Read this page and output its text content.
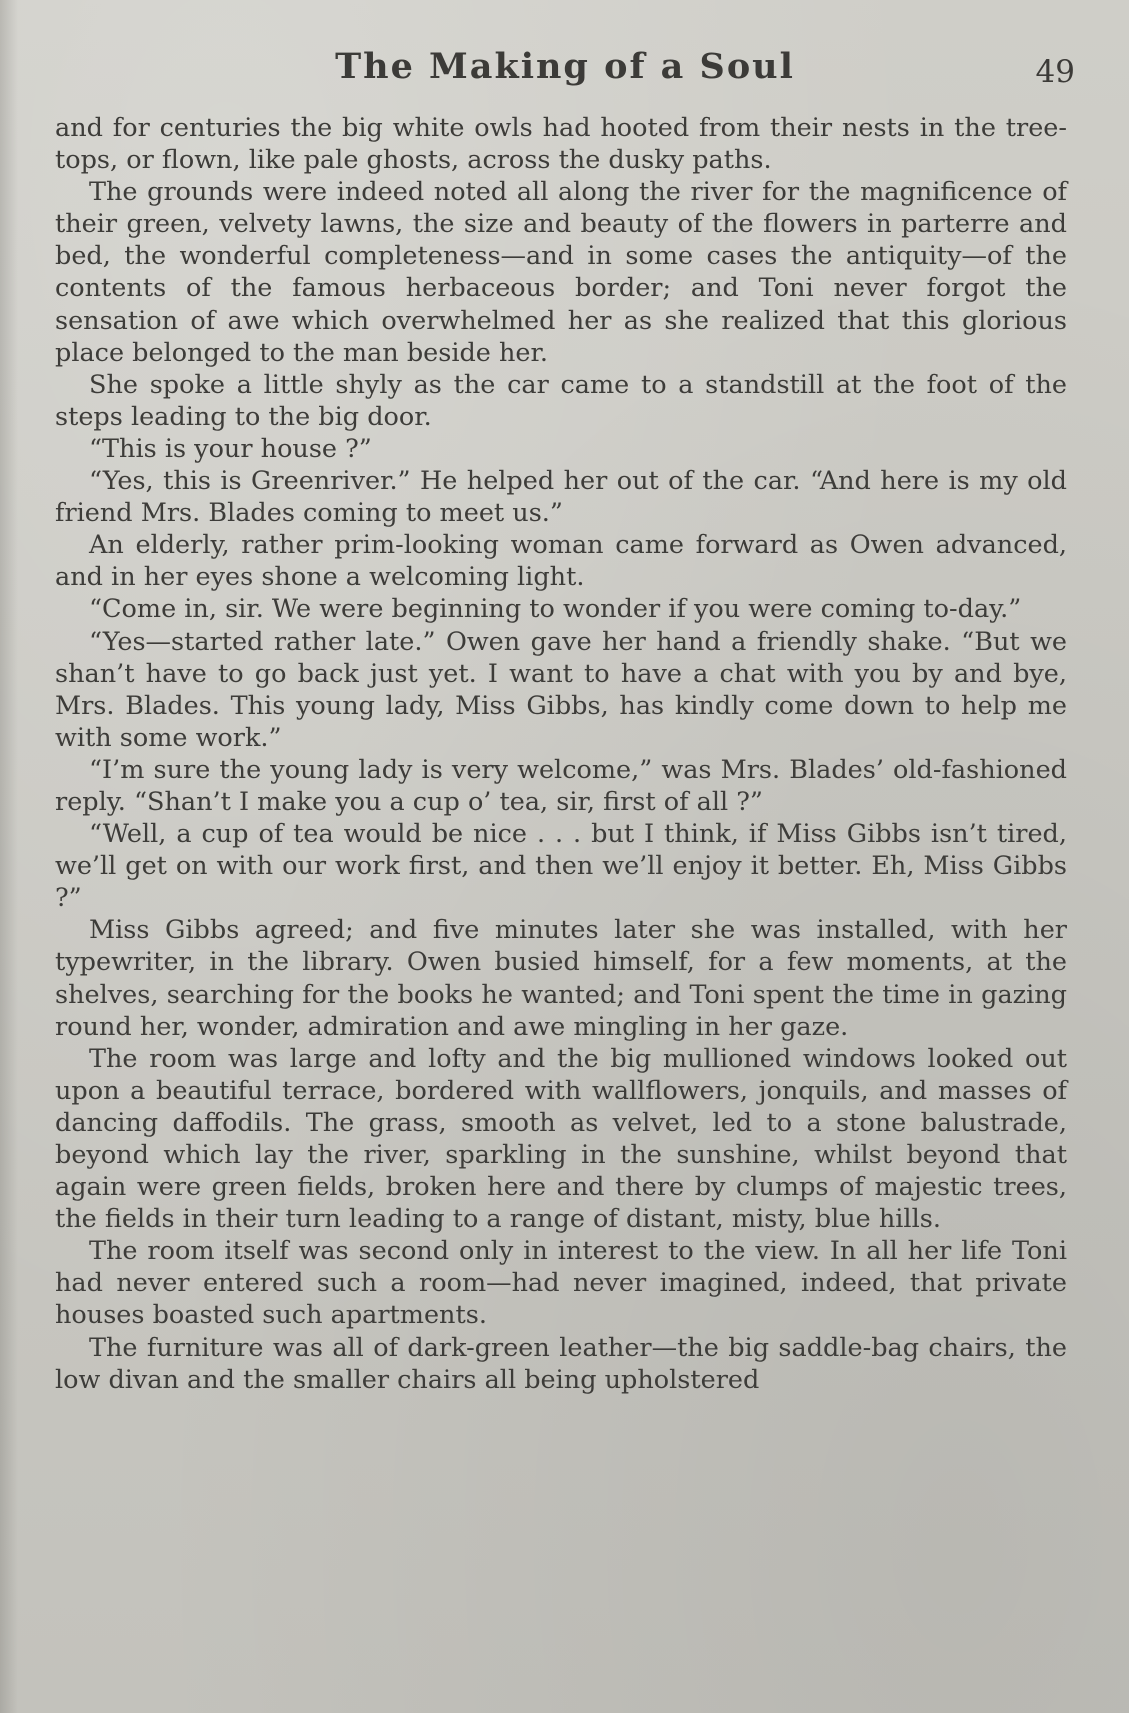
The Making of a Soul	49

and for centuries the big white owls had hooted from their nests in the tree-tops, or flown, like pale ghosts, across the dusky paths.

The grounds were indeed noted all along the river for the magnificence of their green, velvety lawns, the size and beauty of the flowers in parterre and bed, the wonderful completeness—and in some cases the antiquity—of the contents of the famous herbaceous border; and Toni never forgot the sensation of awe which overwhelmed her as she realized that this glorious place belonged to the man beside her.

She spoke a little shyly as the car came to a standstill at the foot of the steps leading to the big door.

“This is your house ?”

“Yes, this is Greenriver.” He helped her out of the car. “And here is my old friend Mrs. Blades coming to meet us.”

An elderly, rather prim-looking woman came forward as Owen advanced, and in her eyes shone a welcoming light.

“Come in, sir. We were beginning to wonder if you were coming to-day.”

“Yes—started rather late.” Owen gave her hand a friendly shake. “But we shan’t have to go back just yet. I want to have a chat with you by and bye, Mrs. Blades. This young lady, Miss Gibbs, has kindly come down to help me with some work.”

“I’m sure the young lady is very welcome,” was Mrs. Blades’ old-fashioned reply. “Shan’t I make you a cup o’ tea, sir, first of all ?”

“Well, a cup of tea would be nice . . . but I think, if Miss Gibbs isn’t tired, we’ll get on with our work first, and then we’ll enjoy it better. Eh, Miss Gibbs ?”

Miss Gibbs agreed; and five minutes later she was installed, with her typewriter, in the library. Owen busied himself, for a few moments, at the shelves, searching for the books he wanted; and Toni spent the time in gazing round her, wonder, admiration and awe mingling in her gaze.

The room was large and lofty and the big mullioned windows looked out upon a beautiful terrace, bordered with wallflowers, jonquils, and masses of dancing daffodils. The grass, smooth as velvet, led to a stone balustrade, beyond which lay the river, sparkling in the sunshine, whilst beyond that again were green fields, broken here and there by clumps of majestic trees, the fields in their turn leading to a range of distant, misty, blue hills.

The room itself was second only in interest to the view. In all her life Toni had never entered such a room—had never imagined, indeed, that private houses boasted such apartments.

The furniture was all of dark-green leather—the big saddle-bag chairs, the low divan and the smaller chairs all being upholstered
